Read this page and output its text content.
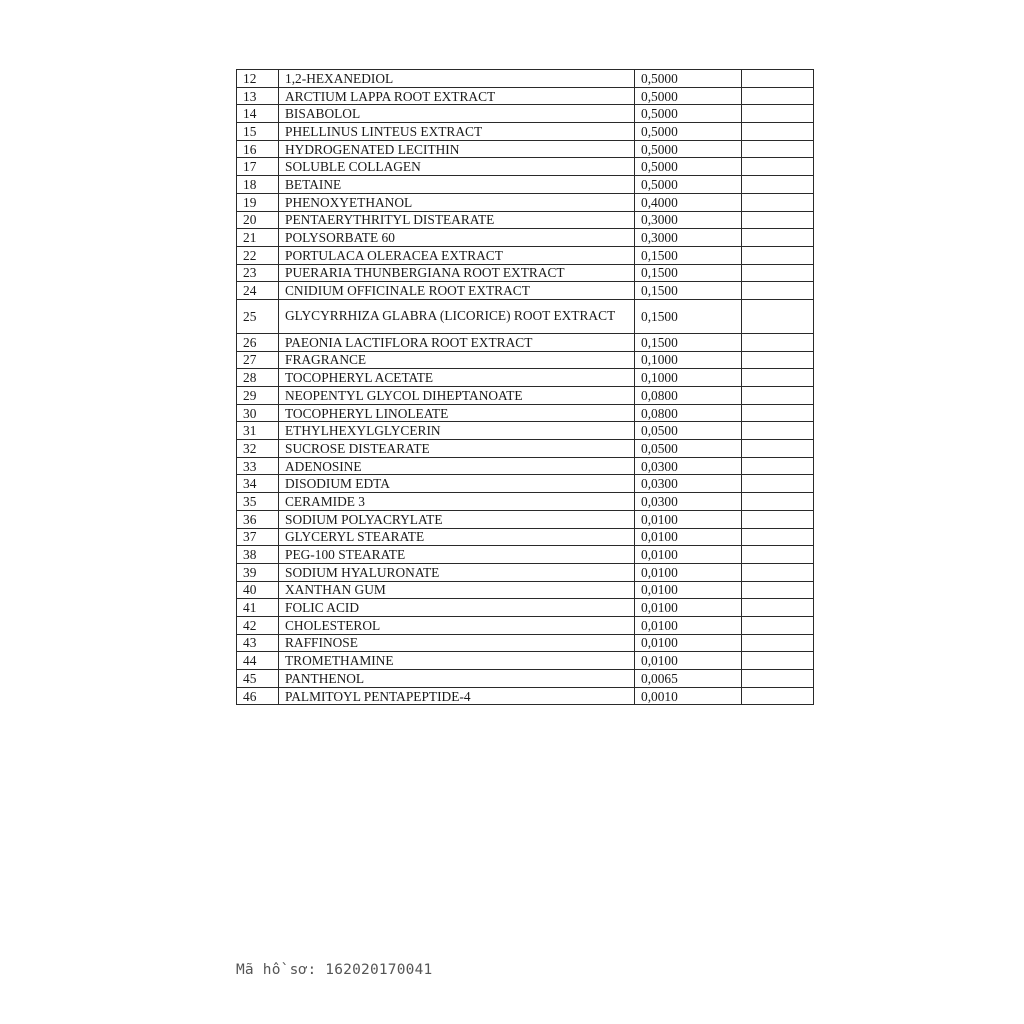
12	1,2-HEXANEDIOL	0,5000	
13	ARCTIUM LAPPA ROOT EXTRACT	0,5000	
14	BISABOLOL	0,5000	
15	PHELLINUS LINTEUS EXTRACT	0,5000	
16	HYDROGENATED LECITHIN	0,5000	
17	SOLUBLE COLLAGEN	0,5000	
18	BETAINE	0,5000	
19	PHENOXYETHANOL	0,4000	
20	PENTAERYTHRITYL DISTEARATE	0,3000	
21	POLYSORBATE 60	0,3000	
22	PORTULACA OLERACEA EXTRACT	0,1500	
23	PUERARIA THUNBERGIANA ROOT EXTRACT	0,1500	
24	CNIDIUM OFFICINALE ROOT EXTRACT	0,1500	
25	GLYCYRRHIZA GLABRA (LICORICE) ROOT EXTRACT	0,1500	
26	PAEONIA LACTIFLORA ROOT EXTRACT	0,1500	
27	FRAGRANCE	0,1000	
28	TOCOPHERYL ACETATE	0,1000	
29	NEOPENTYL GLYCOL DIHEPTANOATE	0,0800	
30	TOCOPHERYL LINOLEATE	0,0800	
31	ETHYLHEXYLGLYCERIN	0,0500	
32	SUCROSE DISTEARATE	0,0500	
33	ADENOSINE	0,0300	
34	DISODIUM EDTA	0,0300	
35	CERAMIDE 3	0,0300	
36	SODIUM POLYACRYLATE	0,0100	
37	GLYCERYL STEARATE	0,0100	
38	PEG-100 STEARATE	0,0100	
39	SODIUM HYALURONATE	0,0100	
40	XANTHAN GUM	0,0100	
41	FOLIC ACID	0,0100	
42	CHOLESTEROL	0,0100	
43	RAFFINOSE	0,0100	
44	TROMETHAMINE	0,0100	
45	PANTHENOL	0,0065	
46	PALMITOYL PENTAPEPTIDE-4	0,0010	
Mã hồ sơ: 162020170041
